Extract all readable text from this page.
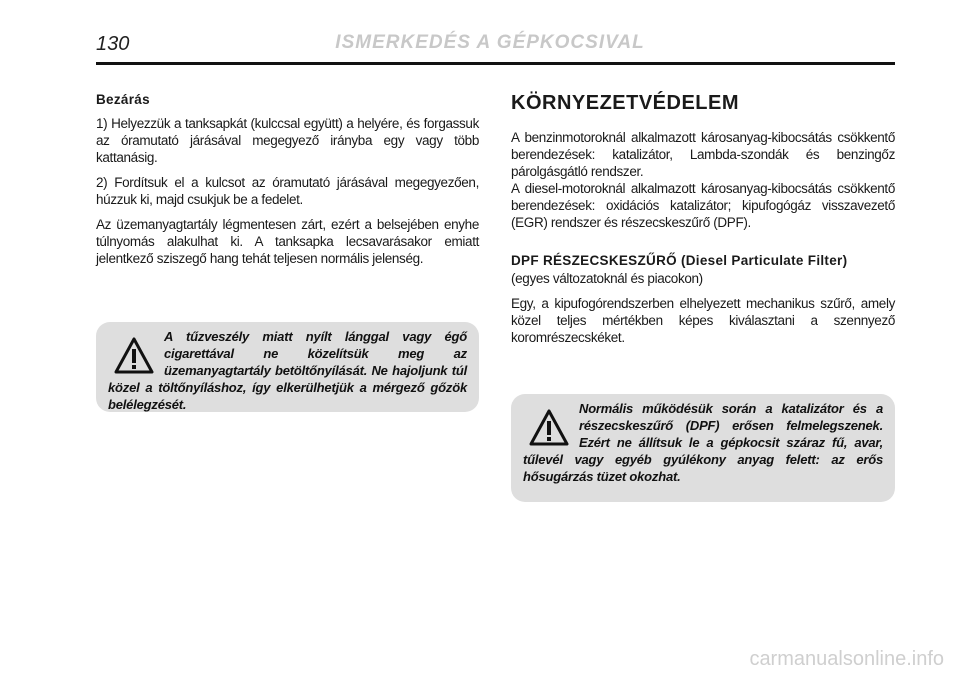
130	ISMERKEDÉS A GÉPKOCSIVAL
Bezárás

1) Helyezzük a tanksapkát (kulccsal együtt) a helyére, és forgassuk az óramutató járásával megegyező irányba egy vagy több kattanásig.

2) Fordítsuk el a kulcsot az óramutató járásával megegyezően, húzzuk ki, majd csukjuk be a fedelet.

Az üzemanyagtartály légmentesen zárt, ezért a belsejében enyhe túlnyomás alakulhat ki. A tanksapka lecsavarásakor emiatt jelentkező sziszegő hang tehát teljesen normális jelenség.

A tűzveszély miatt nyílt lánggal vagy égő cigarettával ne közelítsük meg az üzemanyagtartály betöltőnyílását. Ne hajoljunk túl közel a töltőnyíláshoz, így elkerülhetjük a mérgező gőzök belélegzését.

KÖRNYEZETVÉDELEM

A benzinmotoroknál alkalmazott károsanyag-kibocsátás csökkentő berendezések: katalizátor, Lambda-szondák és benzingőz párolgásgátló rendszer.

A diesel-motoroknál alkalmazott károsanyag-kibocsátás csökkentő berendezések: oxidációs katalizátor; kipufogógáz visszavezető (EGR) rendszer és részecskeszűrő (DPF).

DPF RÉSZECSKESZŰRŐ (Diesel Particulate Filter)

(egyes változatoknál és piacokon)

Egy, a kipufogórendszerben elhelyezett mechanikus szűrő, amely közel teljes mértékben képes kiválasztani a szennyező koromrészecskéket.

Normális működésük során a katalizátor és a részecskeszűrő (DPF) erősen felmelegszenek. Ezért ne állítsuk le a gépkocsit száraz fű, avar, tűlevél vagy egyéb gyúlékony anyag felett: az erős hősugárzás tüzet okozhat.

carmanualsonline.info
